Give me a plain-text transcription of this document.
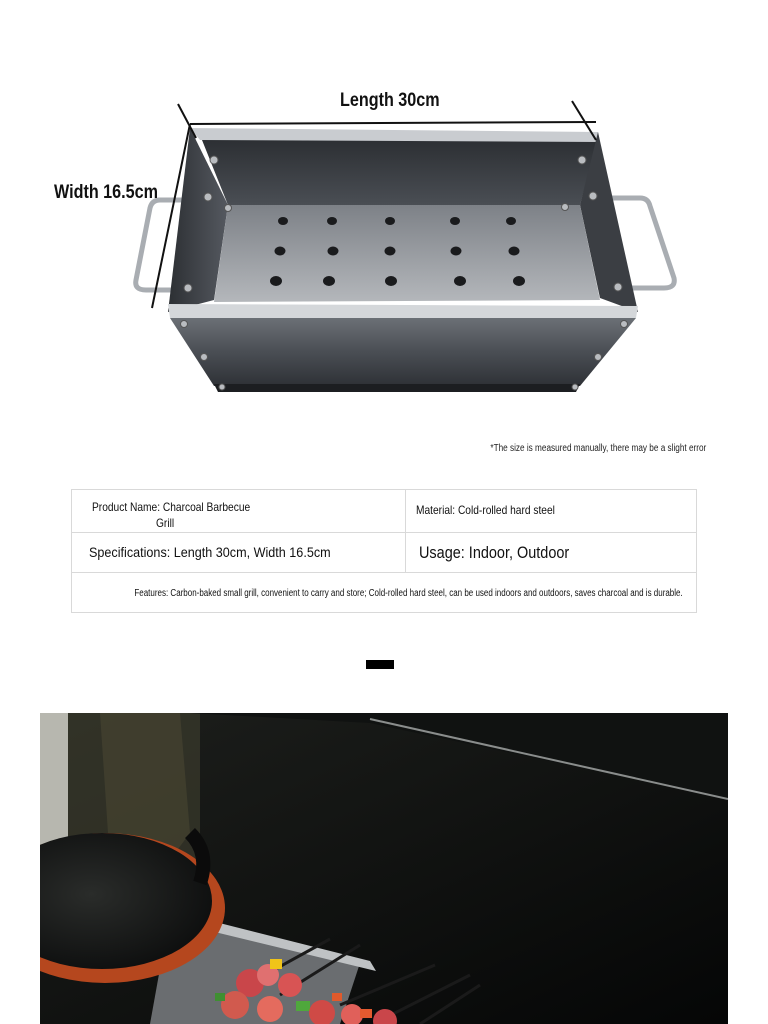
Length 30cm
Width 16.5cm
*The size is measured manually, there may be a slight error
Product Name: Charcoal Barbecue
Grill
Material: Cold-rolled hard steel
Specifications: Length 30cm, Width 16.5cm	Usage: Indoor, Outdoor
Features: Carbon-baked small grill, convenient to carry and store; Cold-rolled hard steel, can be used indoors and outdoors, saves charcoal and is durable.
